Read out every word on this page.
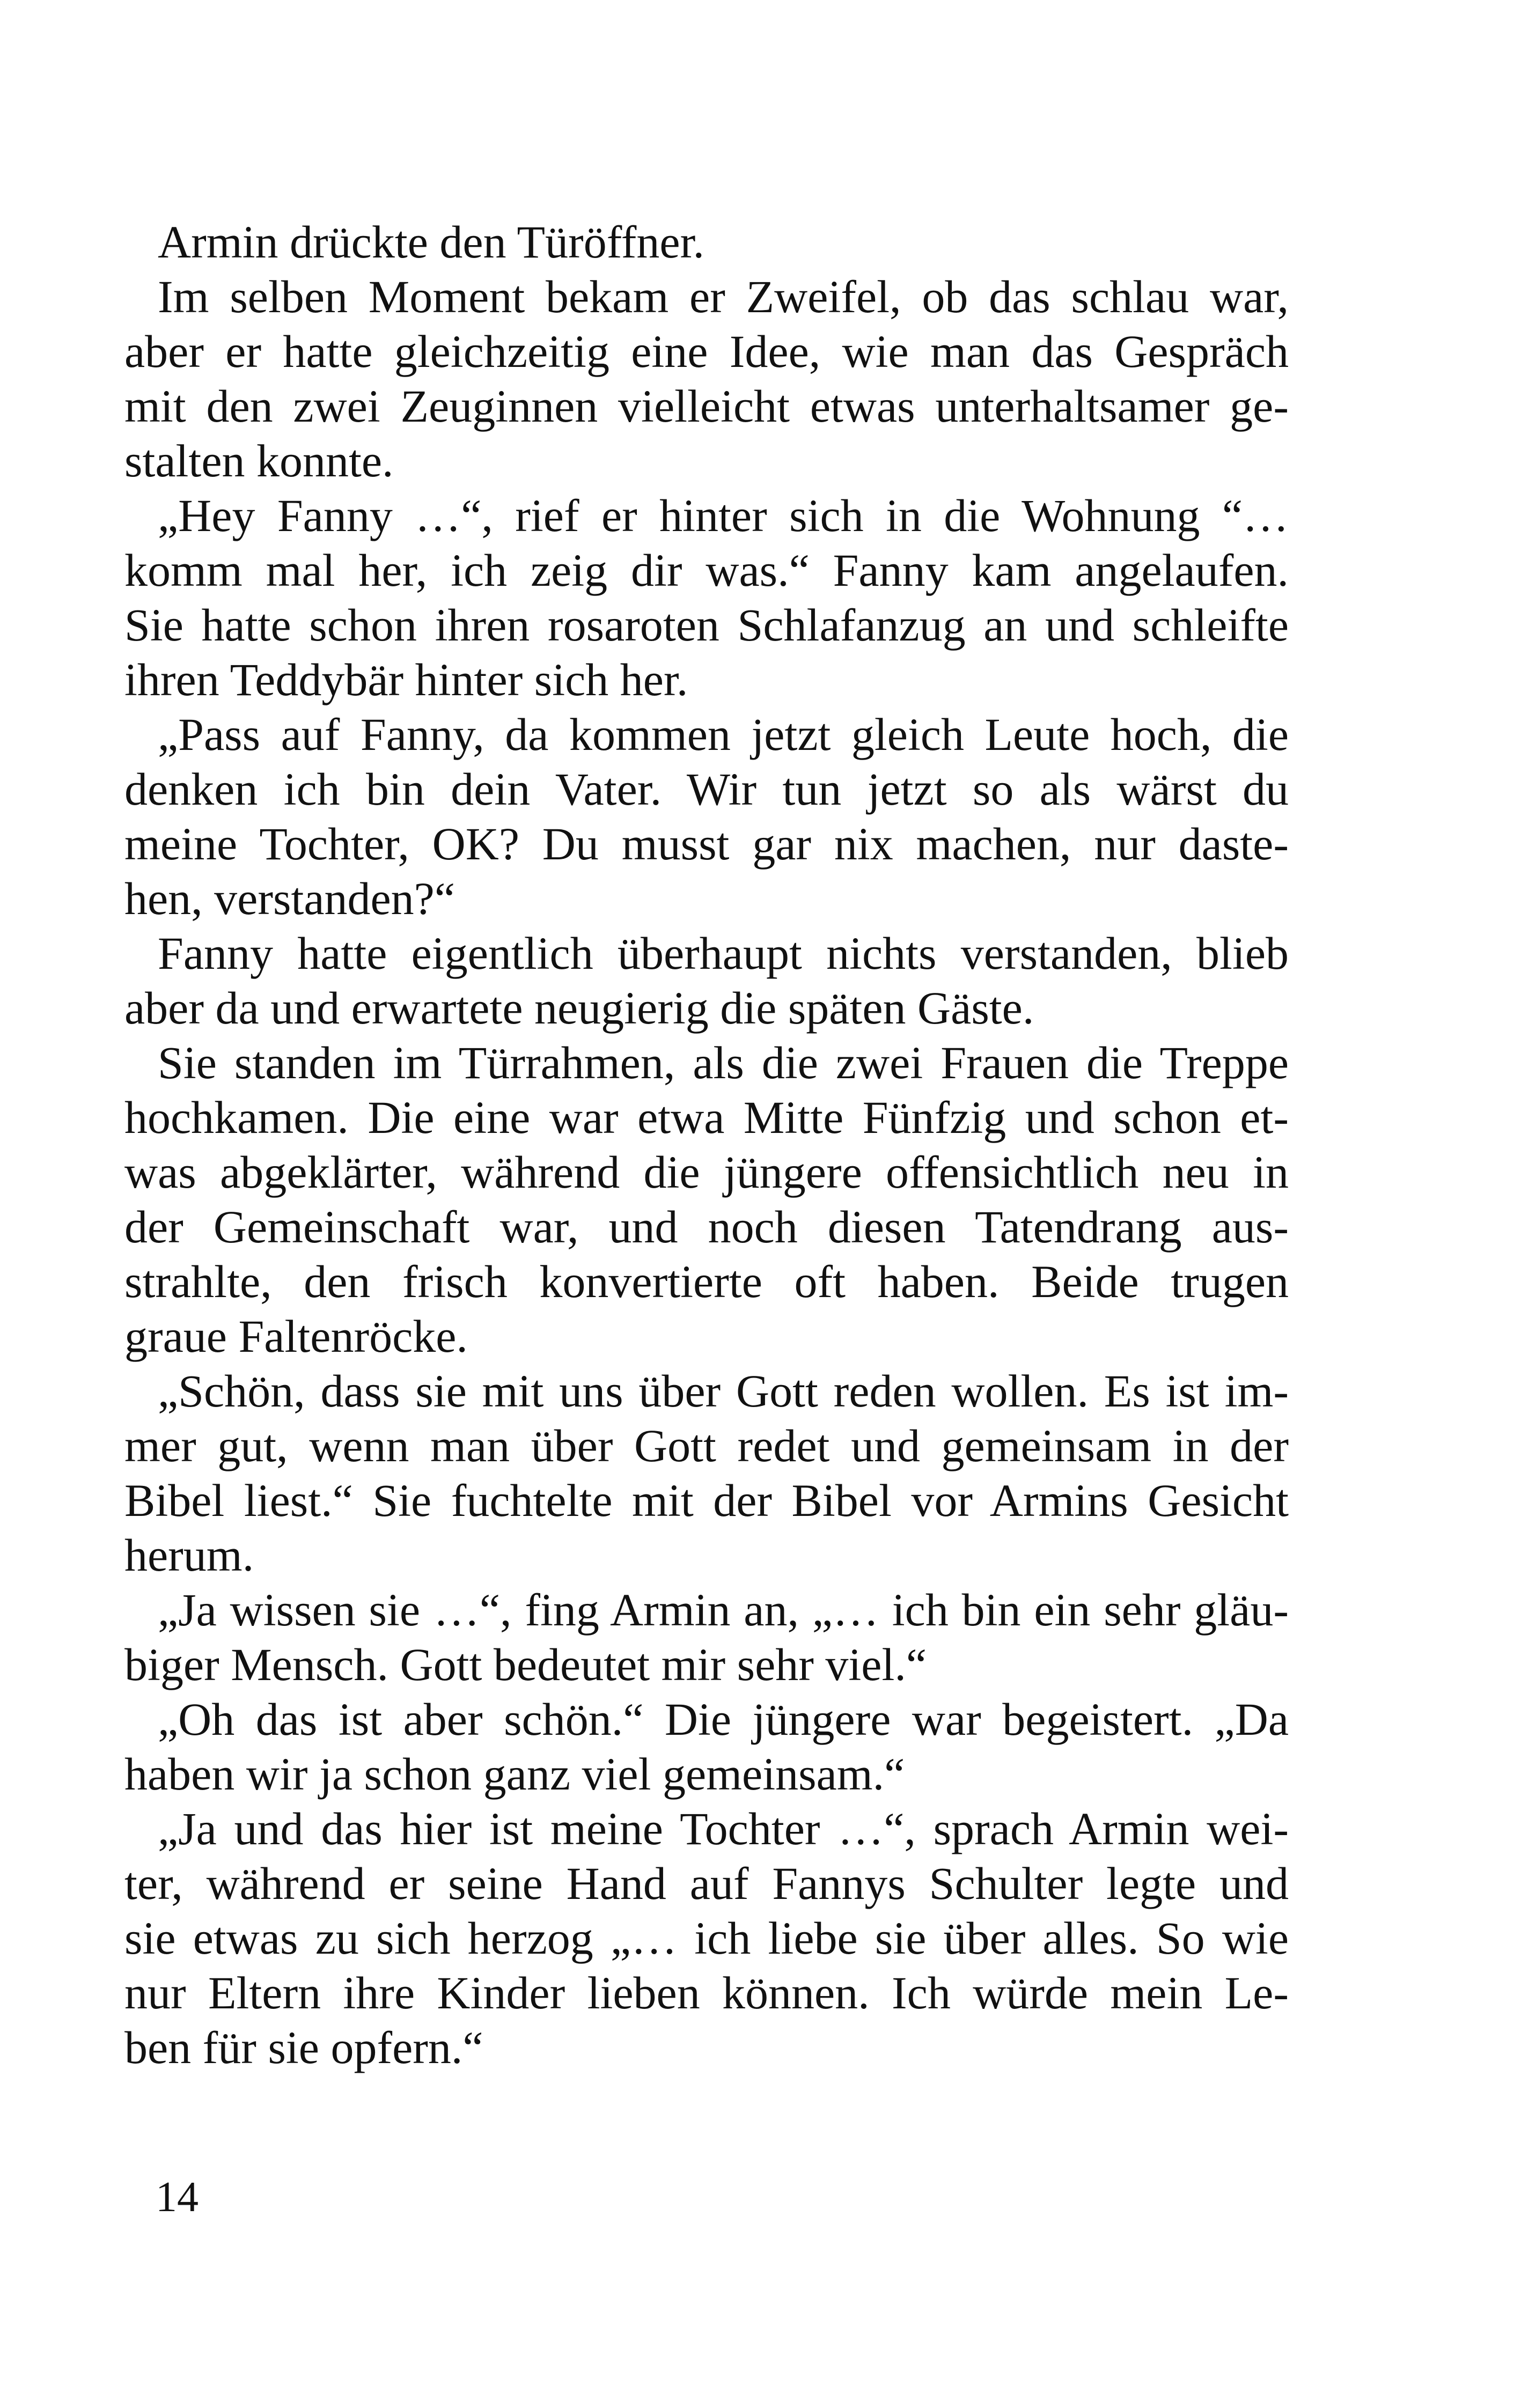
Armin drückte den Türöffner.
Im selben Moment bekam er Zweifel, ob das schlau war,
aber er hatte gleichzeitig eine Idee, wie man das Gespräch
mit den zwei Zeuginnen vielleicht etwas unterhaltsamer ge-
stalten konnte.
„Hey Fanny …“, rief er hinter sich in die Wohnung “…
komm mal her, ich zeig dir was.“ Fanny kam angelaufen.
Sie hatte schon ihren rosaroten Schlafanzug an und schleifte
ihren Teddybär hinter sich her.
„Pass auf Fanny, da kommen jetzt gleich Leute hoch, die
denken ich bin dein Vater. Wir tun jetzt so als wärst du
meine Tochter, OK? Du musst gar nix machen, nur daste-
hen, verstanden?“
Fanny hatte eigentlich überhaupt nichts verstanden, blieb
aber da und erwartete neugierig die späten Gäste.
Sie standen im Türrahmen, als die zwei Frauen die Treppe
hochkamen. Die eine war etwa Mitte Fünfzig und schon et-
was abgeklärter, während die jüngere offensichtlich neu in
der Gemeinschaft war, und noch diesen Tatendrang aus-
strahlte, den frisch konvertierte oft haben. Beide trugen
graue Faltenröcke.
„Schön, dass sie mit uns über Gott reden wollen. Es ist im-
mer gut, wenn man über Gott redet und gemeinsam in der
Bibel liest.“ Sie fuchtelte mit der Bibel vor Armins Gesicht
herum.
„Ja wissen sie …“, fing Armin an, „… ich bin ein sehr gläu-
biger Mensch. Gott bedeutet mir sehr viel.“
„Oh das ist aber schön.“ Die jüngere war begeistert. „Da
haben wir ja schon ganz viel gemeinsam.“
„Ja und das hier ist meine Tochter …“, sprach Armin wei-
ter, während er seine Hand auf Fannys Schulter legte und
sie etwas zu sich herzog „… ich liebe sie über alles. So wie
nur Eltern ihre Kinder lieben können. Ich würde mein Le-
ben für sie opfern.“
14
